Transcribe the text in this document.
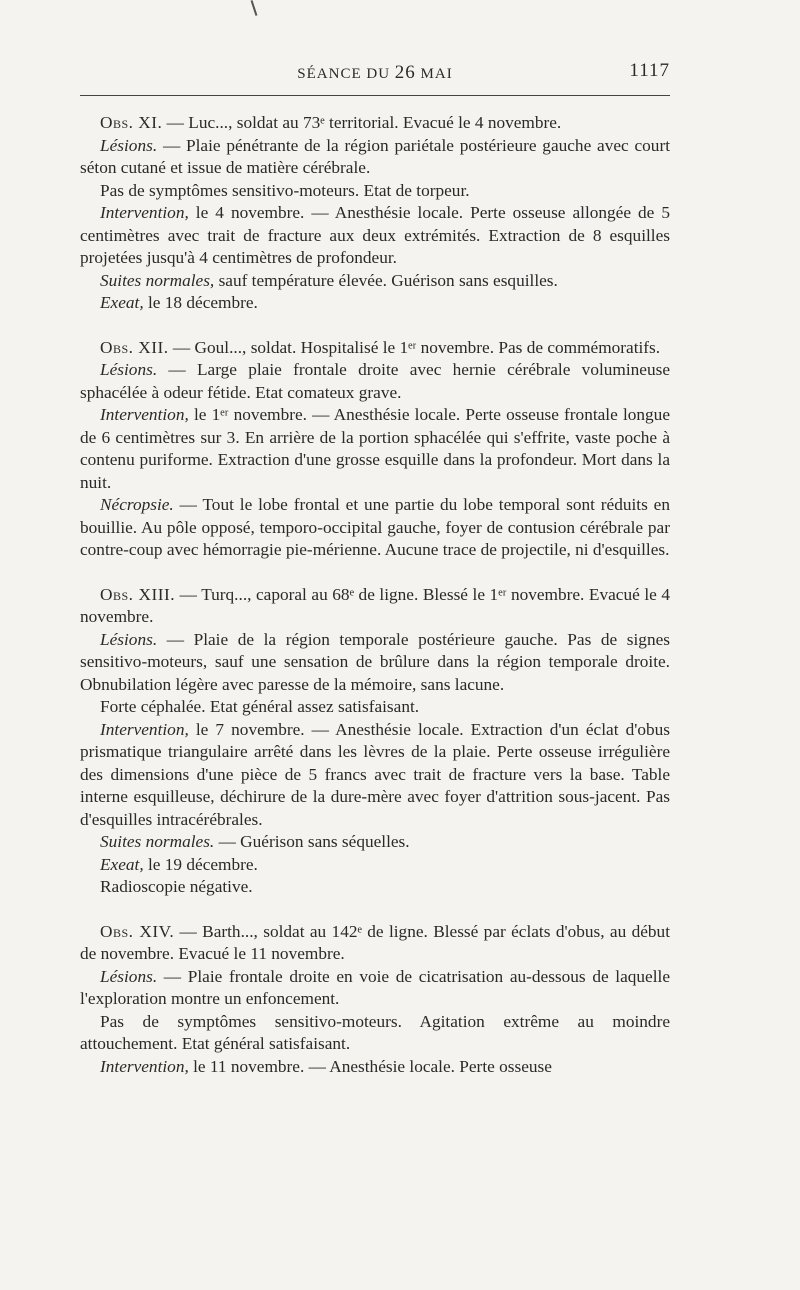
SÉANCE DU 26 MAI	1117

Obs. XI. — Luc..., soldat au 73ᵉ territorial. Evacué le 4 novembre.

Lésions. — Plaie pénétrante de la région pariétale postérieure gauche avec court séton cutané et issue de matière cérébrale.

Pas de symptômes sensitivo-moteurs. Etat de torpeur.

Intervention, le 4 novembre. — Anesthésie locale. Perte osseuse allongée de 5 centimètres avec trait de fracture aux deux extrémités. Extraction de 8 esquilles projetées jusqu'à 4 centimètres de profondeur.

Suites normales, sauf température élevée. Guérison sans esquilles.

Exeat, le 18 décembre.

Obs. XII. — Goul..., soldat. Hospitalisé le 1ᵉʳ novembre. Pas de commémoratifs.

Lésions. — Large plaie frontale droite avec hernie cérébrale volumineuse sphacélée à odeur fétide. Etat comateux grave.

Intervention, le 1ᵉʳ novembre. — Anesthésie locale. Perte osseuse frontale longue de 6 centimètres sur 3. En arrière de la portion sphacélée qui s'effrite, vaste poche à contenu puriforme. Extraction d'une grosse esquille dans la profondeur. Mort dans la nuit.

Nécropsie. — Tout le lobe frontal et une partie du lobe temporal sont réduits en bouillie. Au pôle opposé, temporo-occipital gauche, foyer de contusion cérébrale par contre-coup avec hémorragie pie-mérienne. Aucune trace de projectile, ni d'esquilles.

Obs. XIII. — Turq..., caporal au 68ᵉ de ligne. Blessé le 1ᵉʳ novembre. Evacué le 4 novembre.

Lésions. — Plaie de la région temporale postérieure gauche. Pas de signes sensitivo-moteurs, sauf une sensation de brûlure dans la région temporale droite. Obnubilation légère avec paresse de la mémoire, sans lacune.

Forte céphalée. Etat général assez satisfaisant.

Intervention, le 7 novembre. — Anesthésie locale. Extraction d'un éclat d'obus prismatique triangulaire arrêté dans les lèvres de la plaie. Perte osseuse irrégulière des dimensions d'une pièce de 5 francs avec trait de fracture vers la base. Table interne esquilleuse, déchirure de la dure-mère avec foyer d'attrition sous-jacent. Pas d'esquilles intracérébrales.

Suites normales. — Guérison sans séquelles.

Exeat, le 19 décembre.

Radioscopie négative.

Obs. XIV. — Barth..., soldat au 142ᵉ de ligne. Blessé par éclats d'obus, au début de novembre. Evacué le 11 novembre.

Lésions. — Plaie frontale droite en voie de cicatrisation au-dessous de laquelle l'exploration montre un enfoncement.

Pas de symptômes sensitivo-moteurs. Agitation extrême au moindre attouchement. Etat général satisfaisant.

Intervention, le 11 novembre. — Anesthésie locale. Perte osseuse
